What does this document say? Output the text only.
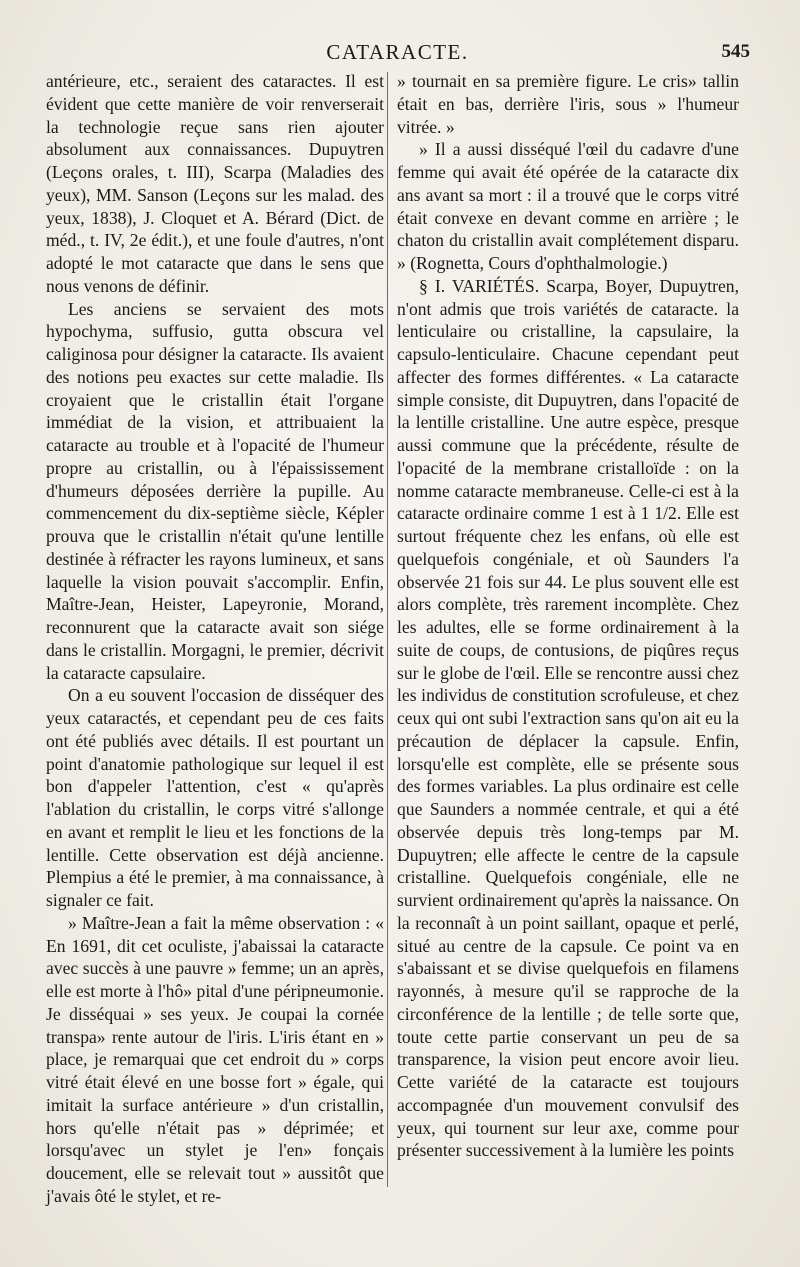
CATARACTE.	545

antérieure, etc., seraient des cataractes. Il est évident que cette manière de voir renverserait la technologie reçue sans rien ajouter absolument aux connaissances. Dupuytren (Leçons orales, t. III), Scarpa (Maladies des yeux), MM. Sanson (Leçons sur les malad. des yeux, 1838), J. Cloquet et A. Bérard (Dict. de méd., t. IV, 2e édit.), et une foule d'autres, n'ont adopté le mot cataracte que dans le sens que nous venons de définir.

Les anciens se servaient des mots hypochyma, suffusio, gutta obscura vel caliginosa pour désigner la cataracte. Ils avaient des notions peu exactes sur cette maladie. Ils croyaient que le cristallin était l'organe immédiat de la vision, et attribuaient la cataracte au trouble et à l'opacité de l'humeur propre au cristallin, ou à l'épaississement d'humeurs déposées derrière la pupille. Au commencement du dix-septième siècle, Képler prouva que le cristallin n'était qu'une lentille destinée à réfracter les rayons lumineux, et sans laquelle la vision pouvait s'accomplir. Enfin, Maître-Jean, Heister, Lapeyronie, Morand, reconnurent que la cataracte avait son siége dans le cristallin. Morgagni, le premier, décrivit la cataracte capsulaire.

On a eu souvent l'occasion de disséquer des yeux cataractés, et cependant peu de ces faits ont été publiés avec détails. Il est pourtant un point d'anatomie pathologique sur lequel il est bon d'appeler l'attention, c'est « qu'après l'ablation du cristallin, le corps vitré s'allonge en avant et remplit le lieu et les fonctions de la lentille. Cette observation est déjà ancienne. Plempius a été le premier, à ma connaissance, à signaler ce fait.

» Maître-Jean a fait la même observation : « En 1691, dit cet oculiste, j'abaissai la cataracte avec succès à une pauvre » femme; un an après, elle est morte à l'hô» pital d'une péripneumonie. Je disséquai » ses yeux. Je coupai la cornée transpa» rente autour de l'iris. L'iris étant en » place, je remarquai que cet endroit du » corps vitré était élevé en une bosse fort » égale, qui imitait la surface antérieure » d'un cristallin, hors qu'elle n'était pas » déprimée; et lorsqu'avec un stylet je l'en» fonçais doucement, elle se relevait tout » aussitôt que j'avais ôté le stylet, et re-

» tournait en sa première figure. Le cris» tallin était en bas, derrière l'iris, sous » l'humeur vitrée. »

» Il a aussi disséqué l'œil du cadavre d'une femme qui avait été opérée de la cataracte dix ans avant sa mort : il a trouvé que le corps vitré était convexe en devant comme en arrière ; le chaton du cristallin avait complétement disparu. » (Rognetta, Cours d'ophthalmologie.)

§ I. VARIÉTÉS. Scarpa, Boyer, Dupuytren, n'ont admis que trois variétés de cataracte. la lenticulaire ou cristalline, la capsulaire, la capsulo-lenticulaire. Chacune cependant peut affecter des formes différentes. « La cataracte simple consiste, dit Dupuytren, dans l'opacité de la lentille cristalline. Une autre espèce, presque aussi commune que la précédente, résulte de l'opacité de la membrane cristalloïde : on la nomme cataracte membraneuse. Celle-ci est à la cataracte ordinaire comme 1 est à 1 1/2. Elle est surtout fréquente chez les enfans, où elle est quelquefois congéniale, et où Saunders l'a observée 21 fois sur 44. Le plus souvent elle est alors complète, très rarement incomplète. Chez les adultes, elle se forme ordinairement à la suite de coups, de contusions, de piqûres reçus sur le globe de l'œil. Elle se rencontre aussi chez les individus de constitution scrofuleuse, et chez ceux qui ont subi l'extraction sans qu'on ait eu la précaution de déplacer la capsule. Enfin, lorsqu'elle est complète, elle se présente sous des formes variables. La plus ordinaire est celle que Saunders a nommée centrale, et qui a été observée depuis très long-temps par M. Dupuytren; elle affecte le centre de la capsule cristalline. Quelquefois congéniale, elle ne survient ordinairement qu'après la naissance. On la reconnaît à un point saillant, opaque et perlé, situé au centre de la capsule. Ce point va en s'abaissant et se divise quelquefois en filamens rayonnés, à mesure qu'il se rapproche de la circonférence de la lentille ; de telle sorte que, toute cette partie conservant un peu de sa transparence, la vision peut encore avoir lieu. Cette variété de la cataracte est toujours accompagnée d'un mouvement convulsif des yeux, qui tournent sur leur axe, comme pour présenter successivement à la lumière les points
